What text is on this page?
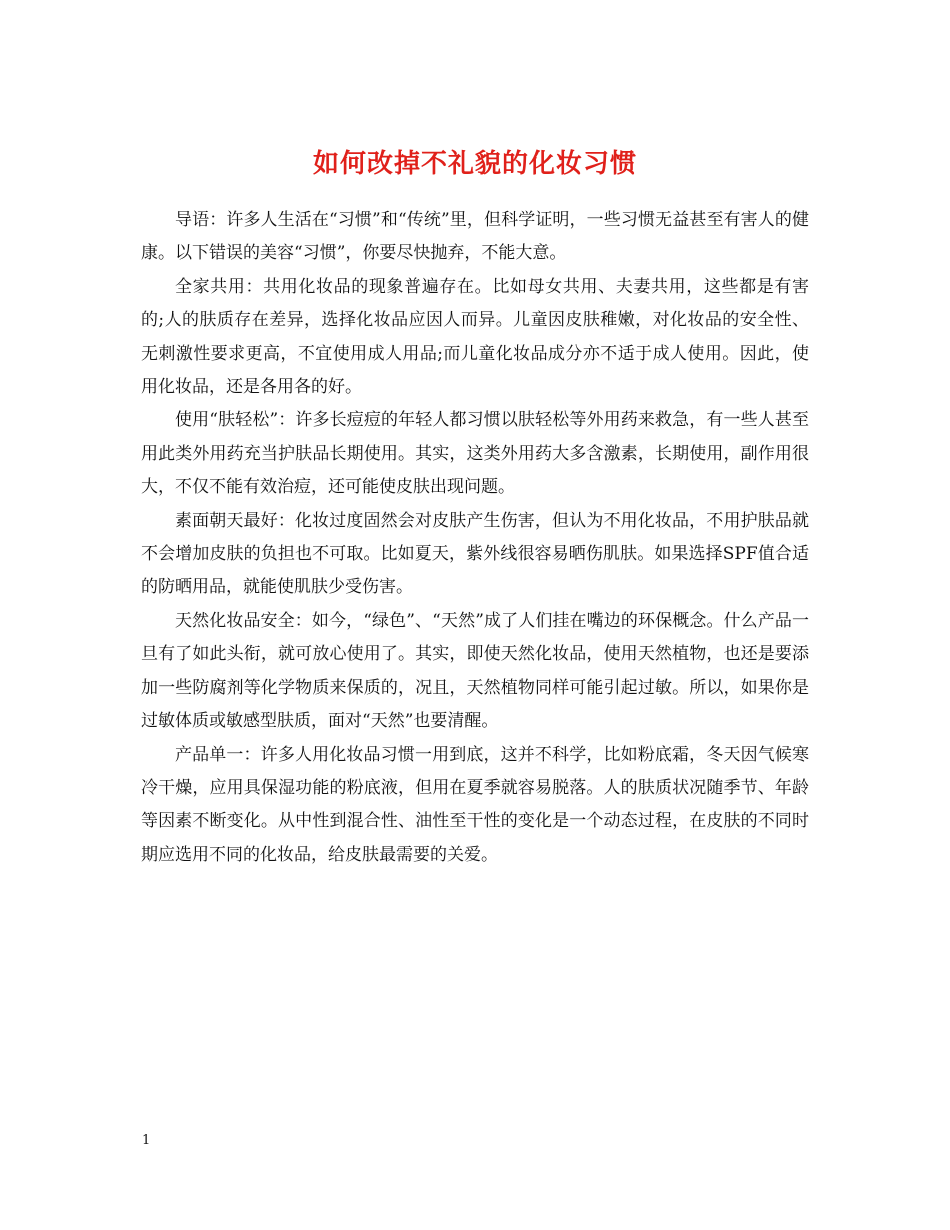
如何改掉不礼貌的化妆习惯

导语：许多人生活在“习惯”和“传统”里，但科学证明，一些习惯无益甚至有害人的健康。以下错误的美容“习惯”，你要尽快抛弃，不能大意。

全家共用：共用化妆品的现象普遍存在。比如母女共用、夫妻共用，这些都是有害的;人的肤质存在差异，选择化妆品应因人而异。儿童因皮肤稚嫩，对化妆品的安全性、无刺激性要求更高，不宜使用成人用品;而儿童化妆品成分亦不适于成人使用。因此，使用化妆品，还是各用各的好。

使用“肤轻松”：许多长痘痘的年轻人都习惯以肤轻松等外用药来救急，有一些人甚至用此类外用药充当护肤品长期使用。其实，这类外用药大多含激素，长期使用，副作用很大，不仅不能有效治痘，还可能使皮肤出现问题。

素面朝天最好：化妆过度固然会对皮肤产生伤害，但认为不用化妆品，不用护肤品就不会增加皮肤的负担也不可取。比如夏天，紫外线很容易晒伤肌肤。如果选择SPF值合适的防晒用品，就能使肌肤少受伤害。

天然化妆品安全：如今，“绿色”、“天然”成了人们挂在嘴边的环保概念。什么产品一旦有了如此头衔，就可放心使用了。其实，即使天然化妆品，使用天然植物，也还是要添加一些防腐剂等化学物质来保质的，况且，天然植物同样可能引起过敏。所以，如果你是过敏体质或敏感型肤质，面对“天然”也要清醒。

产品单一：许多人用化妆品习惯一用到底，这并不科学，比如粉底霜，冬天因气候寒冷干燥，应用具保湿功能的粉底液，但用在夏季就容易脱落。人的肤质状况随季节、年龄等因素不断变化。从中性到混合性、油性至干性的变化是一个动态过程，在皮肤的不同时期应选用不同的化妆品，给皮肤最需要的关爱。

1
